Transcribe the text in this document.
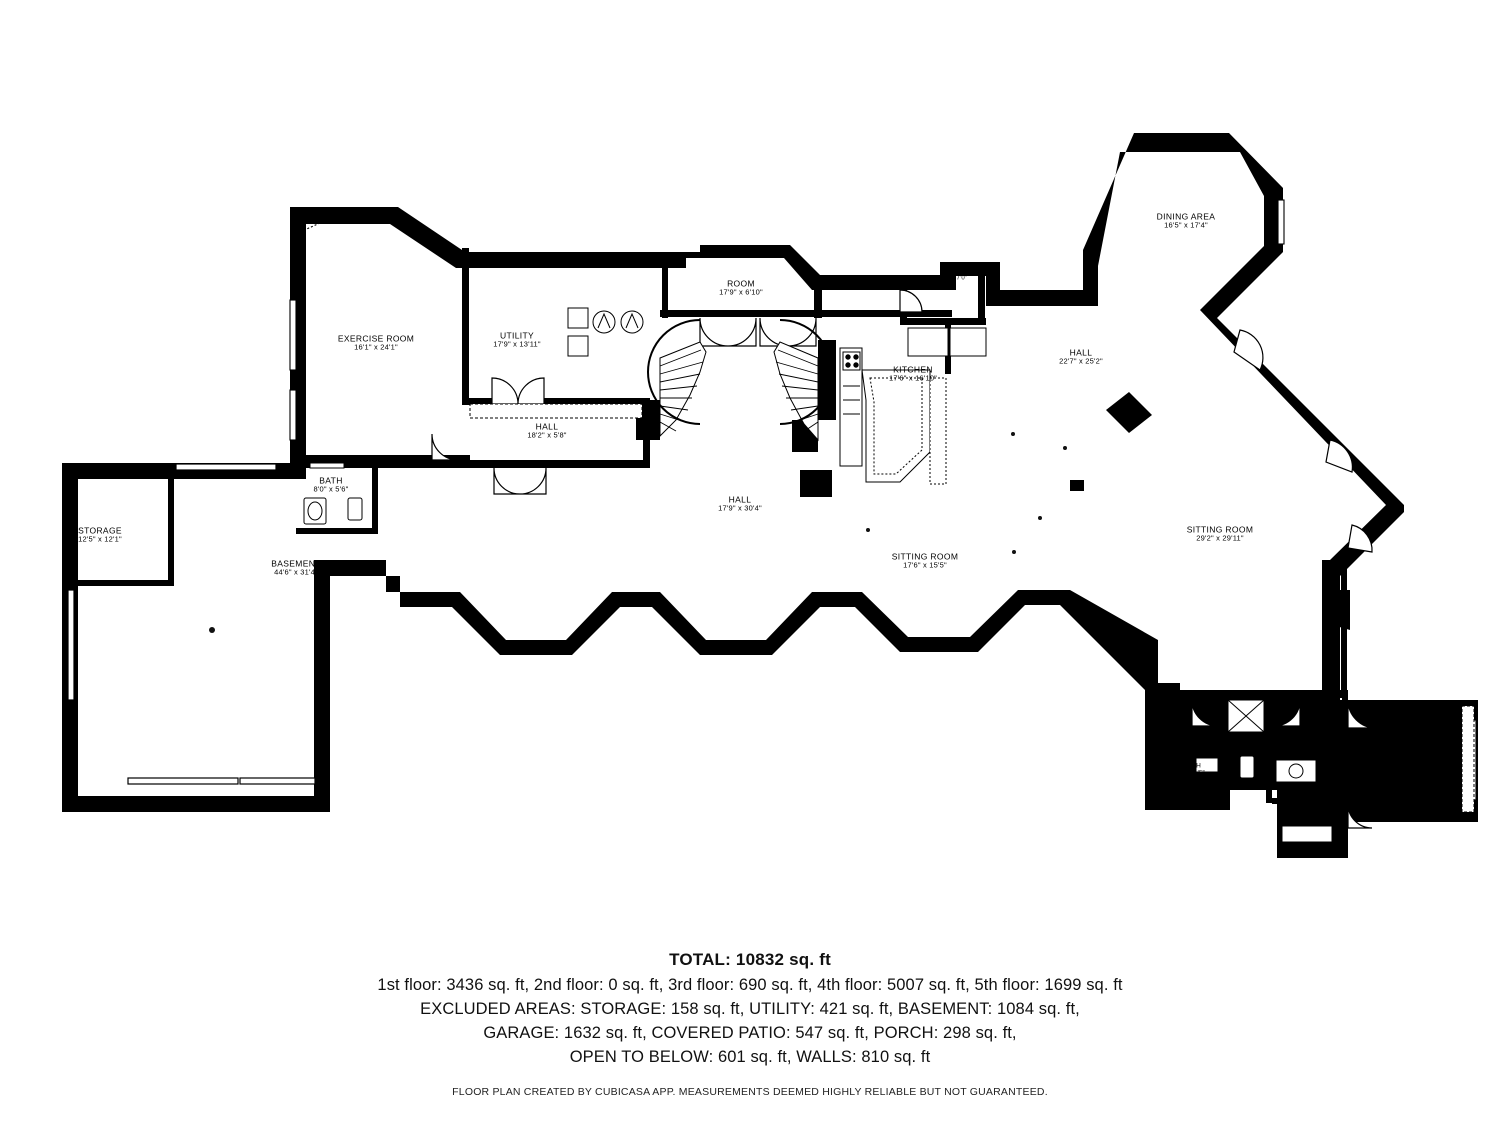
EXERCISE ROOM
16'1" x 24'1"
UTILITY
17'9" x 13'11"
ROOM
17'9" x 6'10"
UTILITY
8'4" x 7'0"
DINING AREA
16'5" x 17'4"
KITCHEN
17'6" x 16'10"
HALL
22'7" x 25'2"
HALL
18'2" x 5'8"
BATH
8'0" x 5'6"
HALL
17'9" x 30'4"
STORAGE
12'5" x 12'1"
BASEMENT
44'6" x 31'4"
SITTING ROOM
17'6" x 15'5"
SITTING ROOM
29'2" x 29'11"
BATH
0' x 11'5"
BEDROOM
11'6" x 12'5"
W.I.C.
5'10" x 6'2"
TOTAL: 10832 sq. ft
1st floor: 3436 sq. ft, 2nd floor: 0 sq. ft, 3rd floor: 690 sq. ft, 4th floor: 5007 sq. ft, 5th floor: 1699 sq. ft
EXCLUDED AREAS: STORAGE: 158 sq. ft, UTILITY: 421 sq. ft, BASEMENT: 1084 sq. ft,
GARAGE: 1632 sq. ft, COVERED PATIO: 547 sq. ft, PORCH: 298 sq. ft,
OPEN TO BELOW: 601 sq. ft, WALLS: 810 sq. ft
FLOOR PLAN CREATED BY CUBICASA APP. MEASUREMENTS DEEMED HIGHLY RELIABLE BUT NOT GUARANTEED.
